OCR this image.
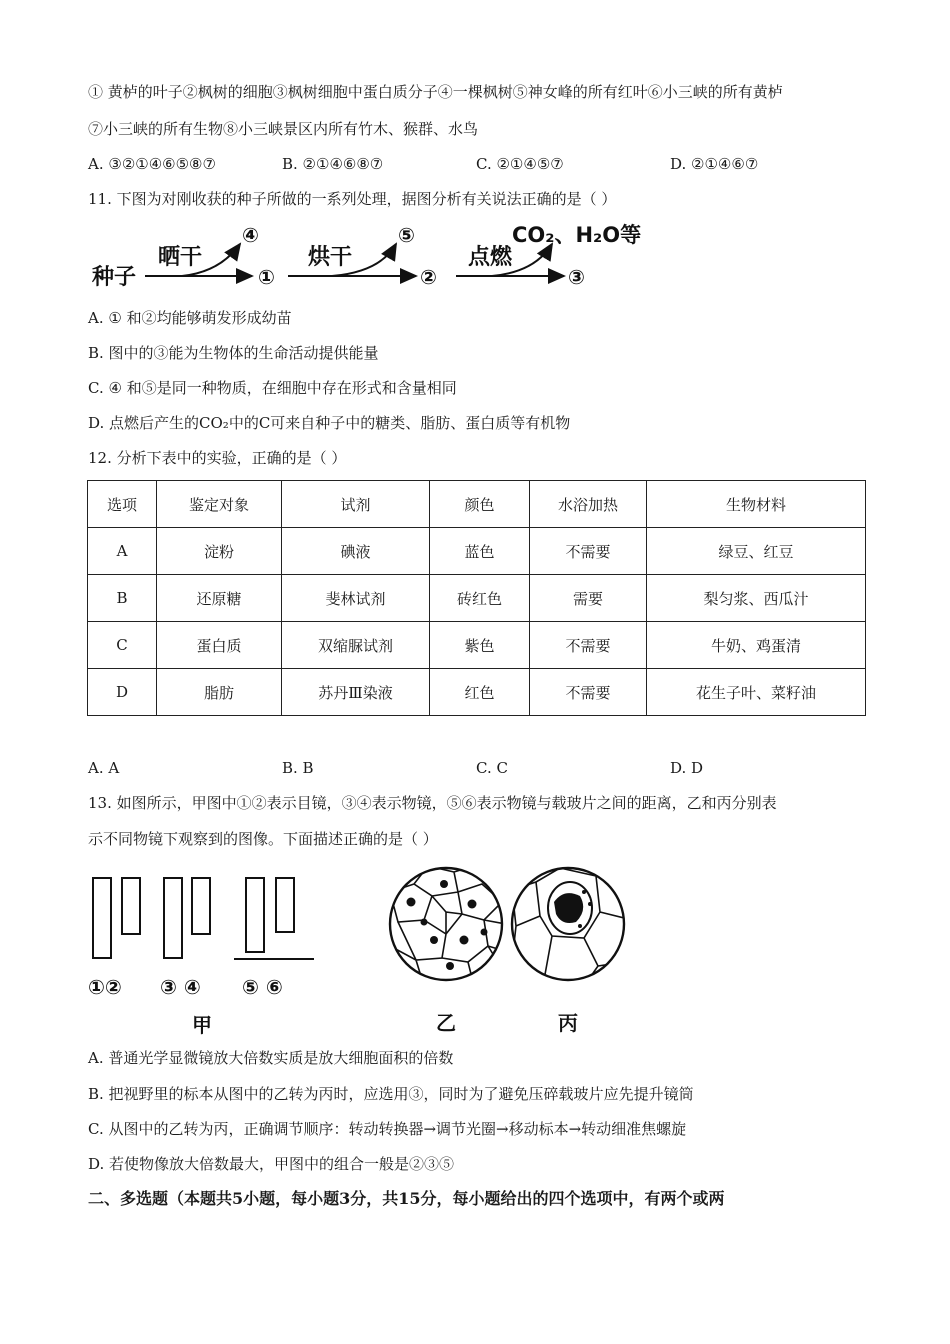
① 黄栌的叶子②枫树的细胞③枫树细胞中蛋白质分子④一棵枫树⑤神女峰的所有红叶⑥小三峡的所有黄栌
⑦小三峡的所有生物⑧小三峡景区内所有竹木、猴群、水鸟
A. ③②①④⑥⑤⑧⑦	B. ②①④⑥⑧⑦	C. ②①④⑤⑦	D. ②①④⑥⑦
11. 下图为对刚收获的种子所做的一系列处理，据图分析有关说法正确的是（ ）
种子
晒干
④
①
烘干
⑤
②
点燃
CO₂、H₂O等
③
A. ① 和②均能够萌发形成幼苗
B. 图中的③能为生物体的生命活动提供能量
C. ④ 和⑤是同一种物质，在细胞中存在形式和含量相同
D. 点燃后产生的CO₂中的C可来自种子中的糖类、脂肪、蛋白质等有机物
12. 分析下表中的实验，正确的是（ ）
选项	鉴定对象	试剂	颜色	水浴加热	生物材料
A	淀粉	碘液	蓝色	不需要	绿豆、红豆
B	还原糖	斐林试剂	砖红色	需要	梨匀浆、西瓜汁
C	蛋白质	双缩脲试剂	紫色	不需要	牛奶、鸡蛋清
D	脂肪	苏丹Ⅲ染液	红色	不需要	花生子叶、菜籽油
A. A	B. B	C. C	D. D
13. 如图所示，甲图中①②表示目镜，③④表示物镜，⑤⑥表示物镜与载玻片之间的距离，乙和丙分别表
示不同物镜下观察到的图像。下面描述正确的是（ ）
①② ③ ④ ⑤ ⑥
甲	乙	丙
A. 普通光学显微镜放大倍数实质是放大细胞面积的倍数
B. 把视野里的标本从图中的乙转为丙时，应选用③，同时为了避免压碎载玻片应先提升镜筒
C. 从图中的乙转为丙，正确调节顺序：转动转换器→调节光圈→移动标本→转动细准焦螺旋
D. 若使物像放大倍数最大，甲图中的组合一般是②③⑤
二、多选题（本题共5小题，每小题3分，共15分，每小题给出的四个选项中，有两个或两
